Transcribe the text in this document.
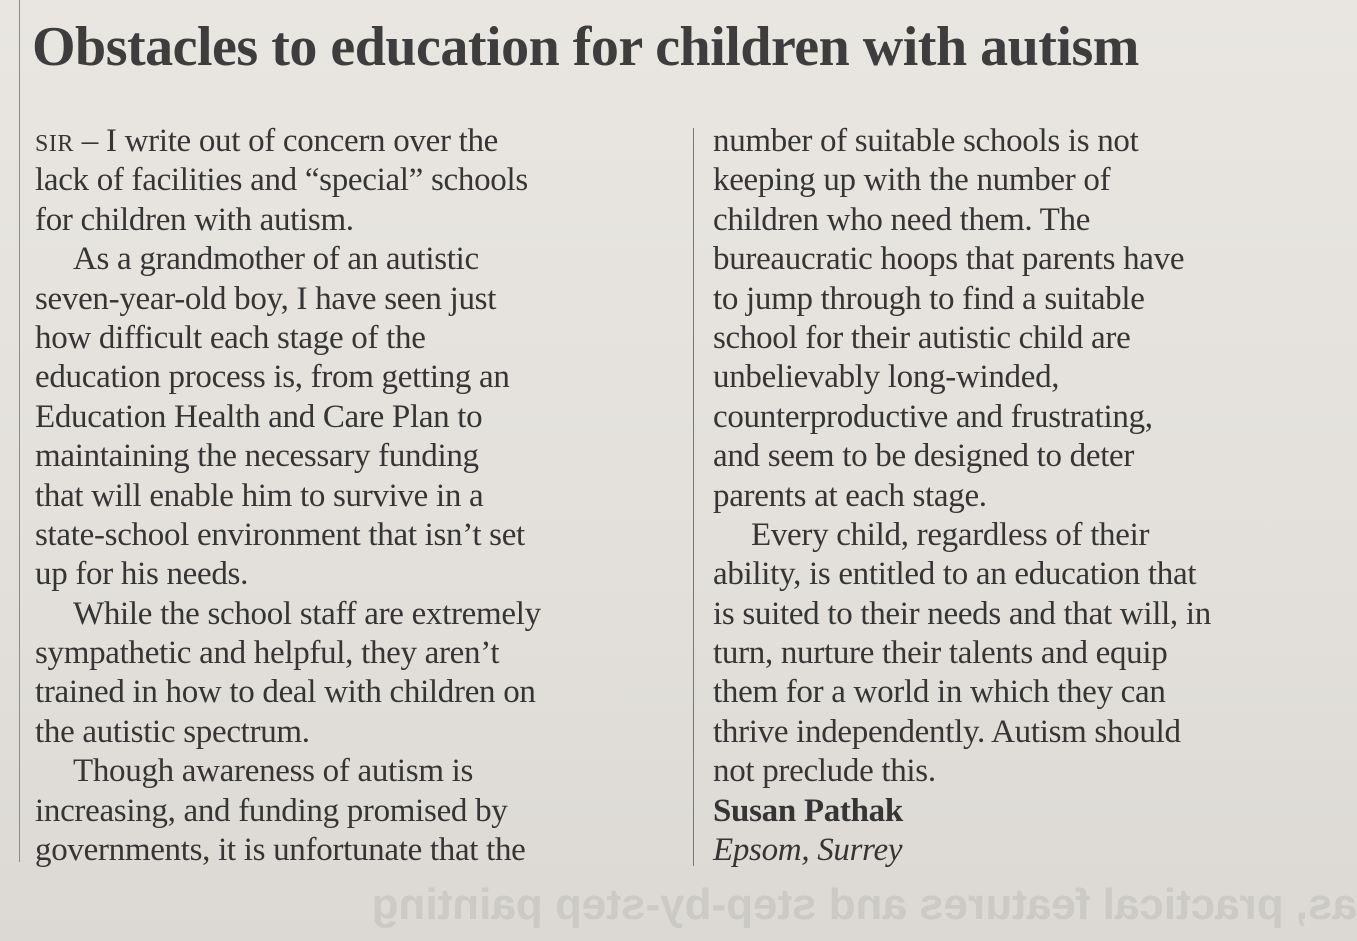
as, practical features and step-by-step painting
Obstacles to education for children with autism
SIR – I write out of concern over the
lack of facilities and “special” schools
for children with autism.
As a grandmother of an autistic
seven-year-old boy, I have seen just
how difficult each stage of the
education process is, from getting an
Education Health and Care Plan to
maintaining the necessary funding
that will enable him to survive in a
state-school environment that isn’t set
up for his needs.
While the school staff are extremely
sympathetic and helpful, they aren’t
trained in how to deal with children on
the autistic spectrum.
Though awareness of autism is
increasing, and funding promised by
governments, it is unfortunate that the
number of suitable schools is not
keeping up with the number of
children who need them. The
bureaucratic hoops that parents have
to jump through to find a suitable
school for their autistic child are
unbelievably long-winded,
counterproductive and frustrating,
and seem to be designed to deter
parents at each stage.
Every child, regardless of their
ability, is entitled to an education that
is suited to their needs and that will, in
turn, nurture their talents and equip
them for a world in which they can
thrive independently. Autism should
not preclude this.
Susan Pathak
Epsom, Surrey
